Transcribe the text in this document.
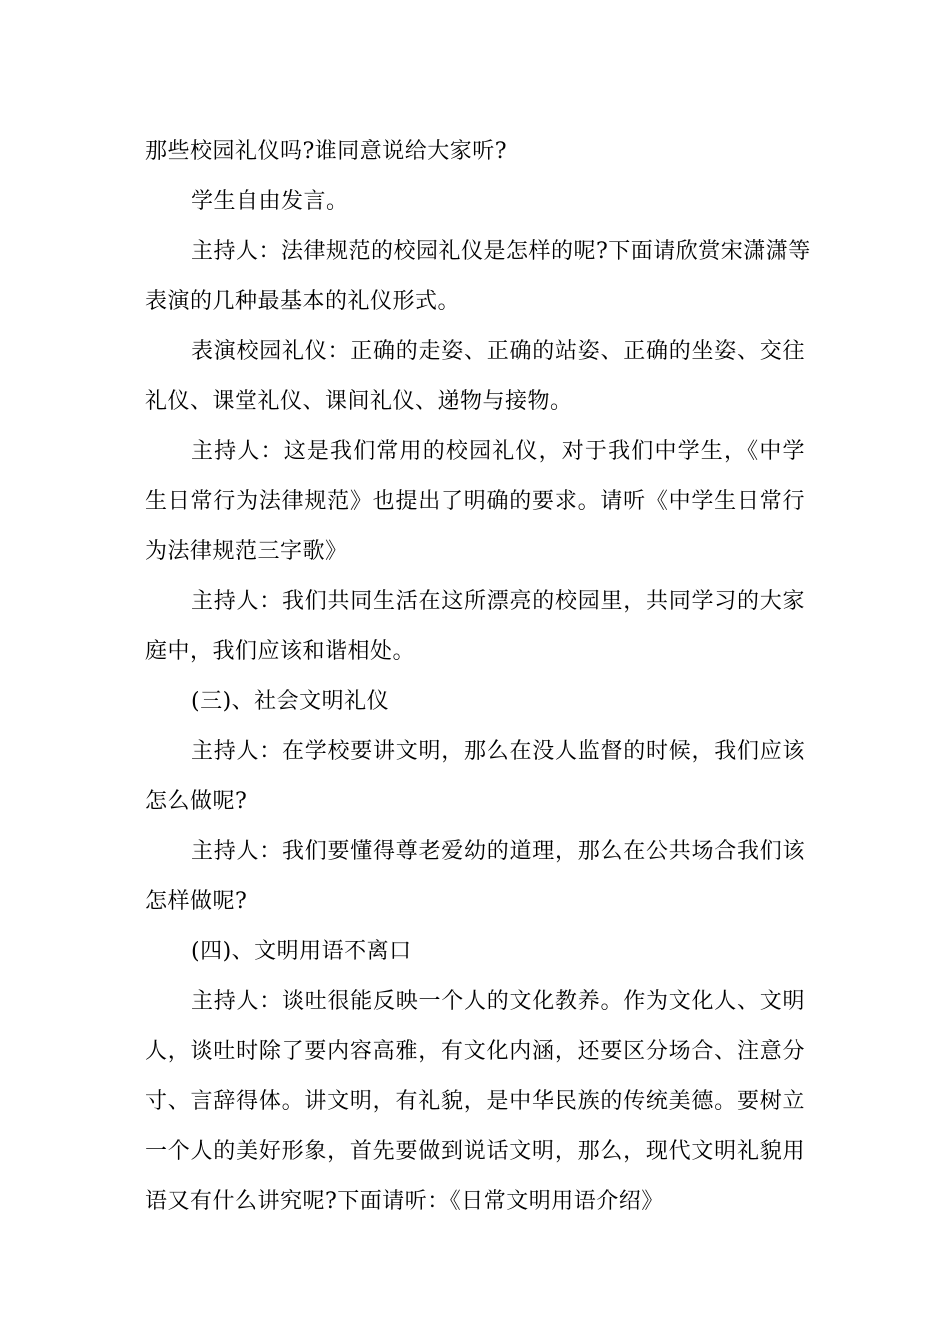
那些校园礼仪吗?谁同意说给大家听?
学生自由发言。
主持人：法律规范的校园礼仪是怎样的呢?下面请欣赏宋潇潇等
表演的几种最基本的礼仪形式。
表演校园礼仪：正确的走姿、正确的站姿、正确的坐姿、交往
礼仪、课堂礼仪、课间礼仪、递物与接物。
主持人：这是我们常用的校园礼仪，对于我们中学生，《中学
生日常行为法律规范》也提出了明确的要求。请听《中学生日常行
为法律规范三字歌》
主持人：我们共同生活在这所漂亮的校园里，共同学习的大家
庭中，我们应该和谐相处。
(三)、社会文明礼仪
主持人：在学校要讲文明，那么在没人监督的时候，我们应该
怎么做呢?
主持人：我们要懂得尊老爱幼的道理，那么在公共场合我们该
怎样做呢?
(四)、文明用语不离口
主持人：谈吐很能反映一个人的文化教养。作为文化人、文明
人，谈吐时除了要内容高雅，有文化内涵，还要区分场合、注意分
寸、言辞得体。讲文明，有礼貌，是中华民族的传统美德。要树立
一个人的美好形象，首先要做到说话文明，那么，现代文明礼貌用
语又有什么讲究呢?下面请听：《日常文明用语介绍》
